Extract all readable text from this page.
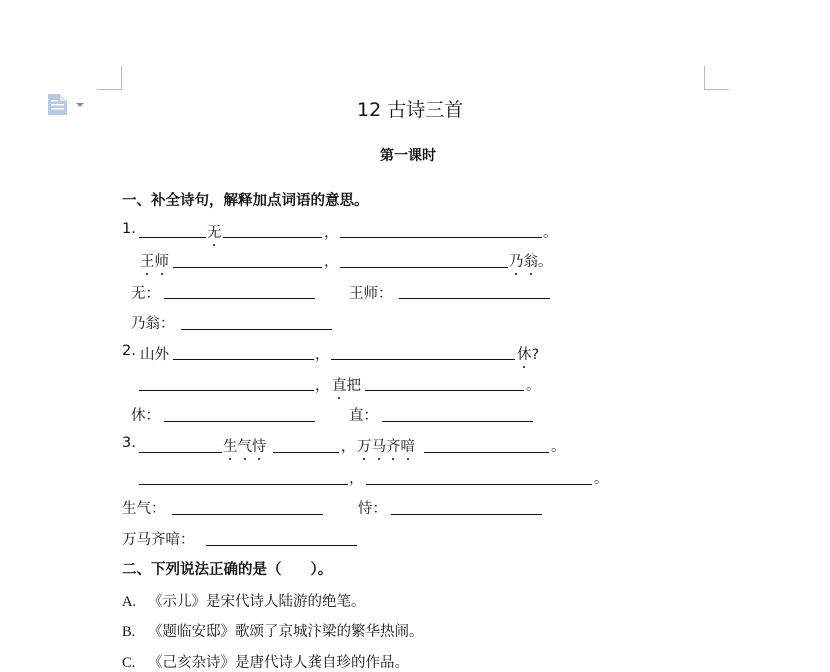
12 古诗三首
第一课时
一、补全诗句，解释加点词语的意思。
1.	无	，	。
王师	，	乃翁。
无：	王师：
乃翁：
2. 山外	，	休?
， 直把	。
休：	直：
3.	生气恃	， 万马齐喑	。
，	。
生气：	恃：
万马齐喑：
二、下列说法正确的是（　　）。
A. 《示儿》是宋代诗人陆游的绝笔。
B. 《题临安邸》歌颂了京城汴梁的繁华热闹。
C. 《己亥杂诗》是唐代诗人龚自珍的作品。
